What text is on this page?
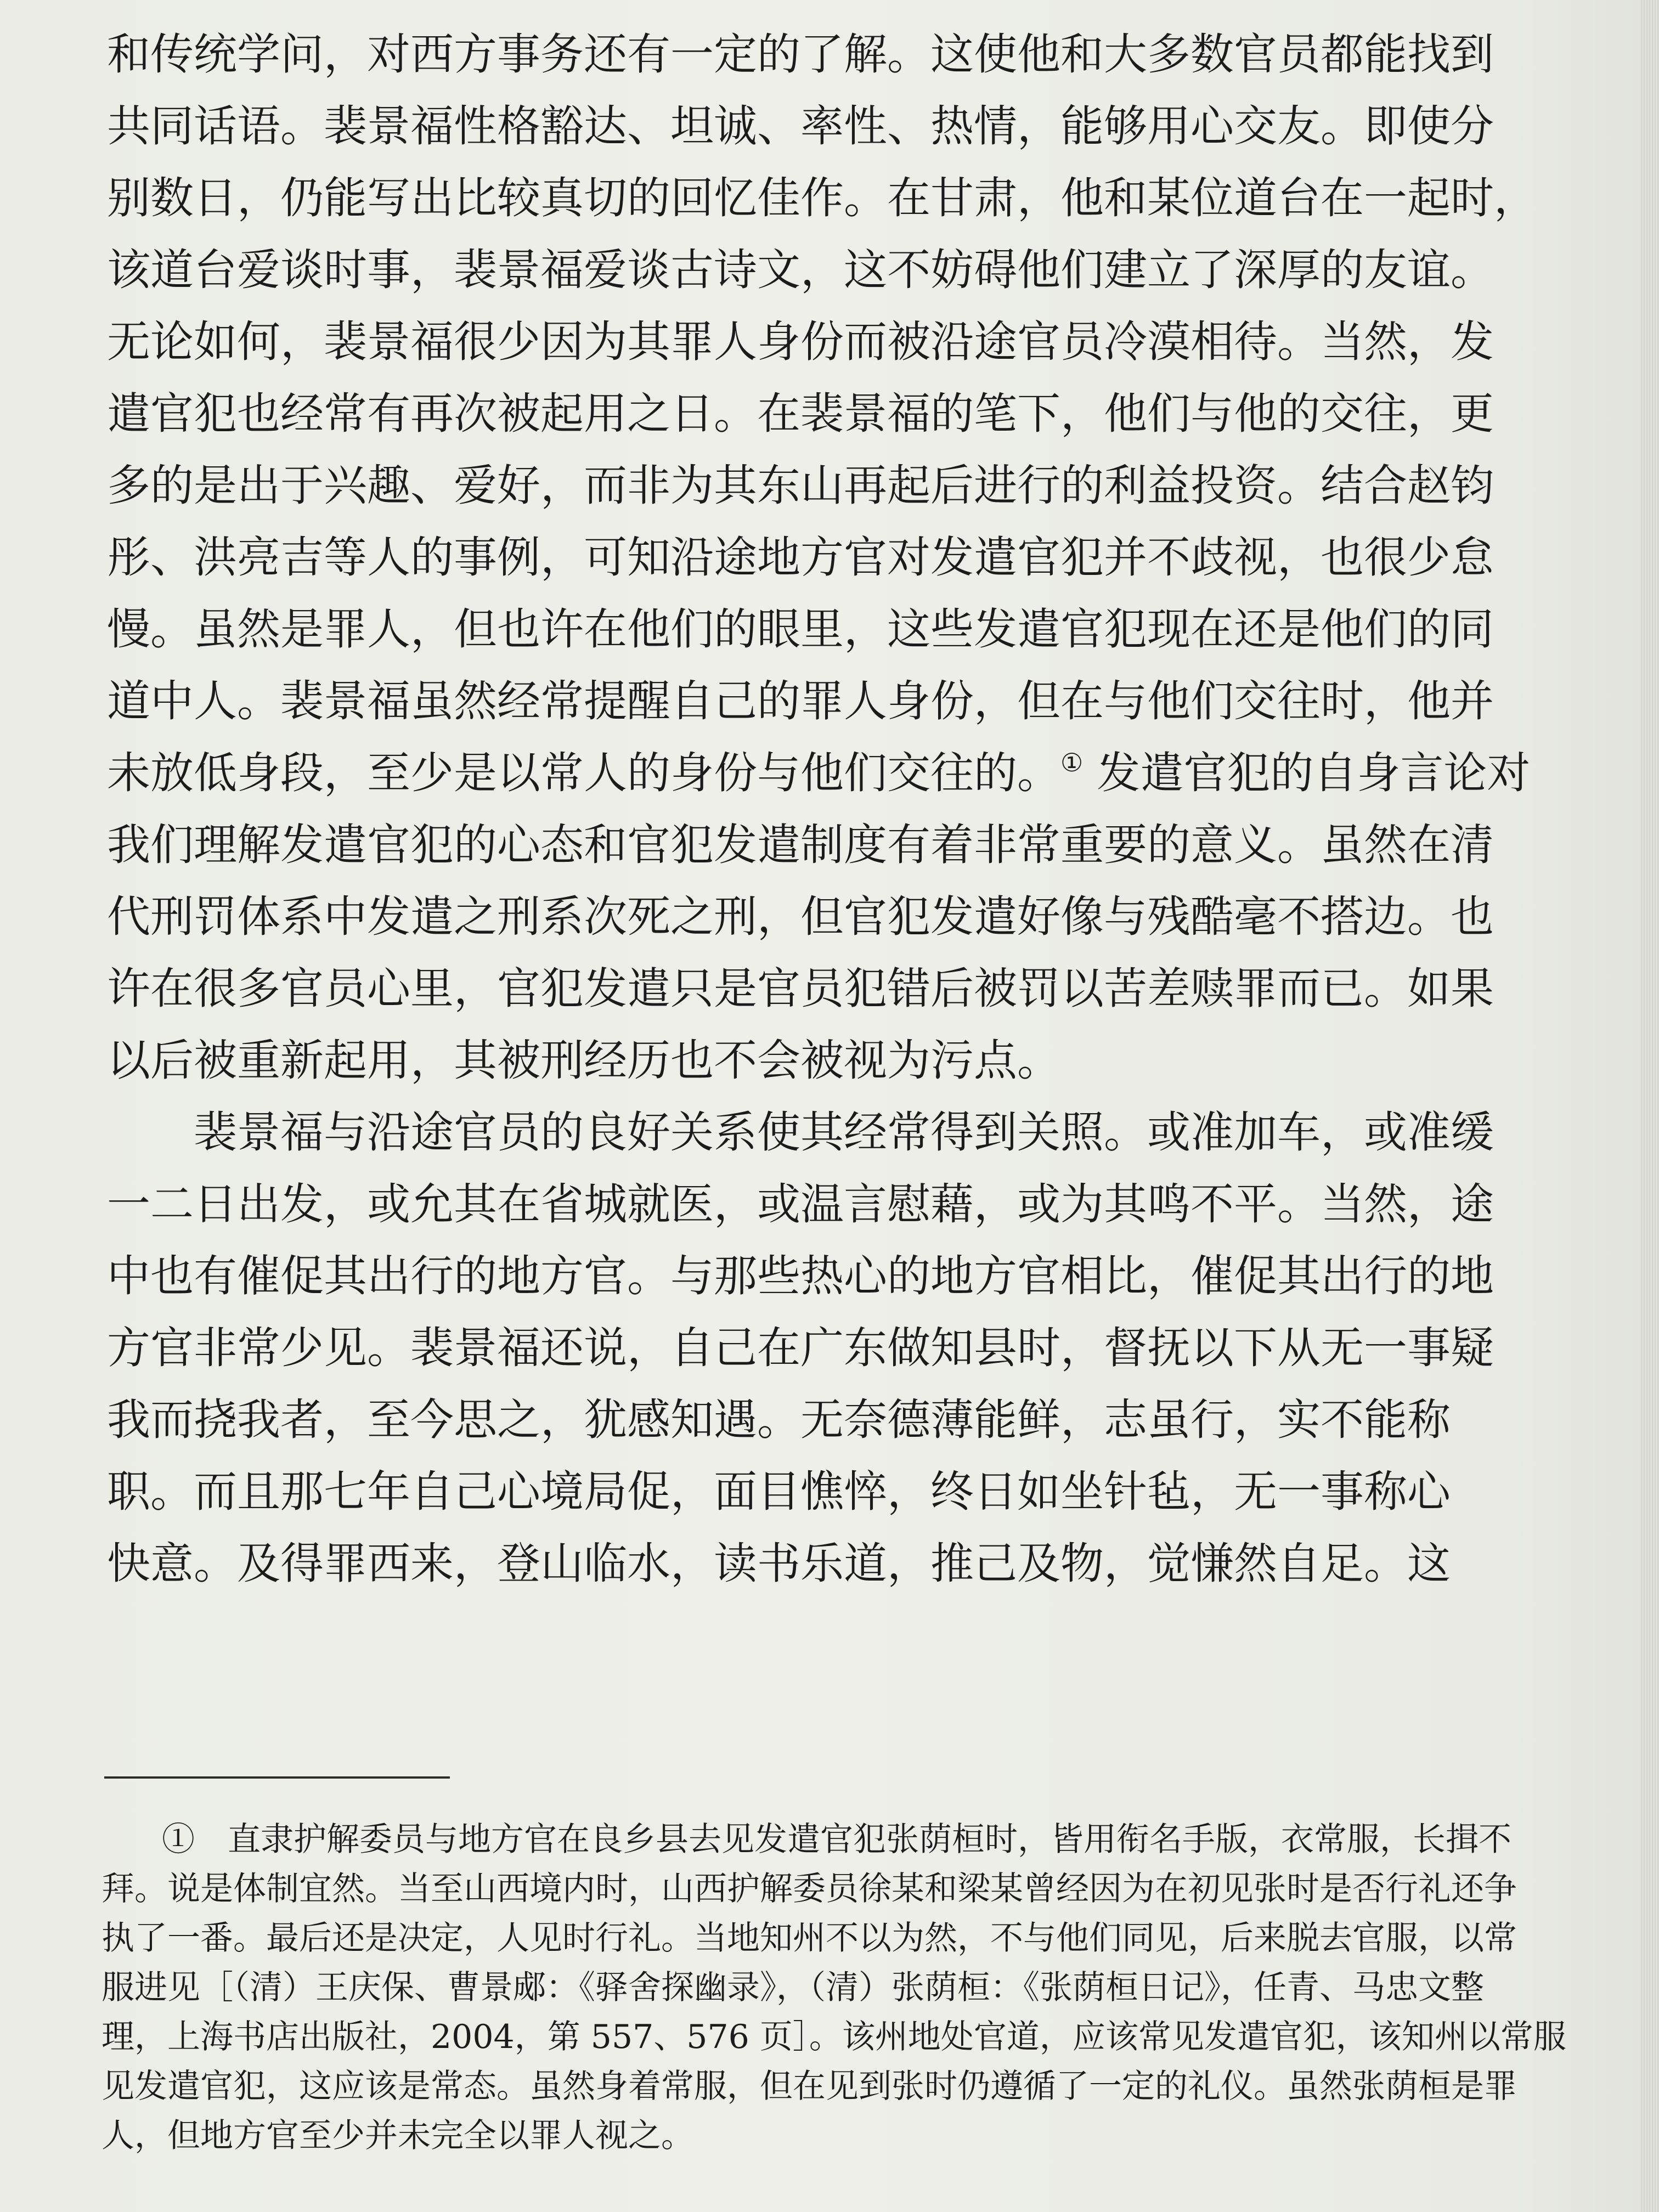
和传统学问，对西方事务还有一定的了解。这使他和大多数官员都能找到
共同话语。裴景福性格豁达、坦诚、率性、热情，能够用心交友。即使分
别数日，仍能写出比较真切的回忆佳作。在甘肃，他和某位道台在一起时，
该道台爱谈时事，裴景福爱谈古诗文，这不妨碍他们建立了深厚的友谊。
无论如何，裴景福很少因为其罪人身份而被沿途官员冷漠相待。当然，发
遣官犯也经常有再次被起用之日。在裴景福的笔下，他们与他的交往，更
多的是出于兴趣、爱好，而非为其东山再起后进行的利益投资。结合赵钧
彤、洪亮吉等人的事例，可知沿途地方官对发遣官犯并不歧视，也很少怠
慢。虽然是罪人，但也许在他们的眼里，这些发遣官犯现在还是他们的同
道中人。裴景福虽然经常提醒自己的罪人身份，但在与他们交往时，他并
未放低身段，至少是以常人的身份与他们交往的。① 发遣官犯的自身言论对
我们理解发遣官犯的心态和官犯发遣制度有着非常重要的意义。虽然在清
代刑罚体系中发遣之刑系次死之刑，但官犯发遣好像与残酷毫不搭边。也
许在很多官员心里，官犯发遣只是官员犯错后被罚以苦差赎罪而已。如果
以后被重新起用，其被刑经历也不会被视为污点。
裴景福与沿途官员的良好关系使其经常得到关照。或准加车，或准缓
一二日出发，或允其在省城就医，或温言慰藉，或为其鸣不平。当然，途
中也有催促其出行的地方官。与那些热心的地方官相比，催促其出行的地
方官非常少见。裴景福还说，自己在广东做知县时，督抚以下从无一事疑
我而挠我者，至今思之，犹感知遇。无奈德薄能鲜，志虽行，实不能称
职。而且那七年自己心境局促，面目憔悴，终日如坐针毡，无一事称心
快意。及得罪西来，登山临水，读书乐道，推己及物，觉慊然自足。这
①　 直隶护解委员与地方官在良乡县去见发遣官犯张荫桓时，皆用衔名手版，衣常服，长揖不
拜。说是体制宜然。当至山西境内时，山西护解委员徐某和梁某曾经因为在初见张时是否行礼还争
执了一番。最后还是决定，人见时行礼。当地知州不以为然，不与他们同见，后来脱去官服，以常
服进见［（清）王庆保、曹景郕：《驿舍探幽录》，（清）张荫桓：《张荫桓日记》，任青、马忠文整
理，上海书店出版社，2004，第 557、576 页］。该州地处官道，应该常见发遣官犯，该知州以常服
见发遣官犯，这应该是常态。虽然身着常服，但在见到张时仍遵循了一定的礼仪。虽然张荫桓是罪
人，但地方官至少并未完全以罪人视之。
